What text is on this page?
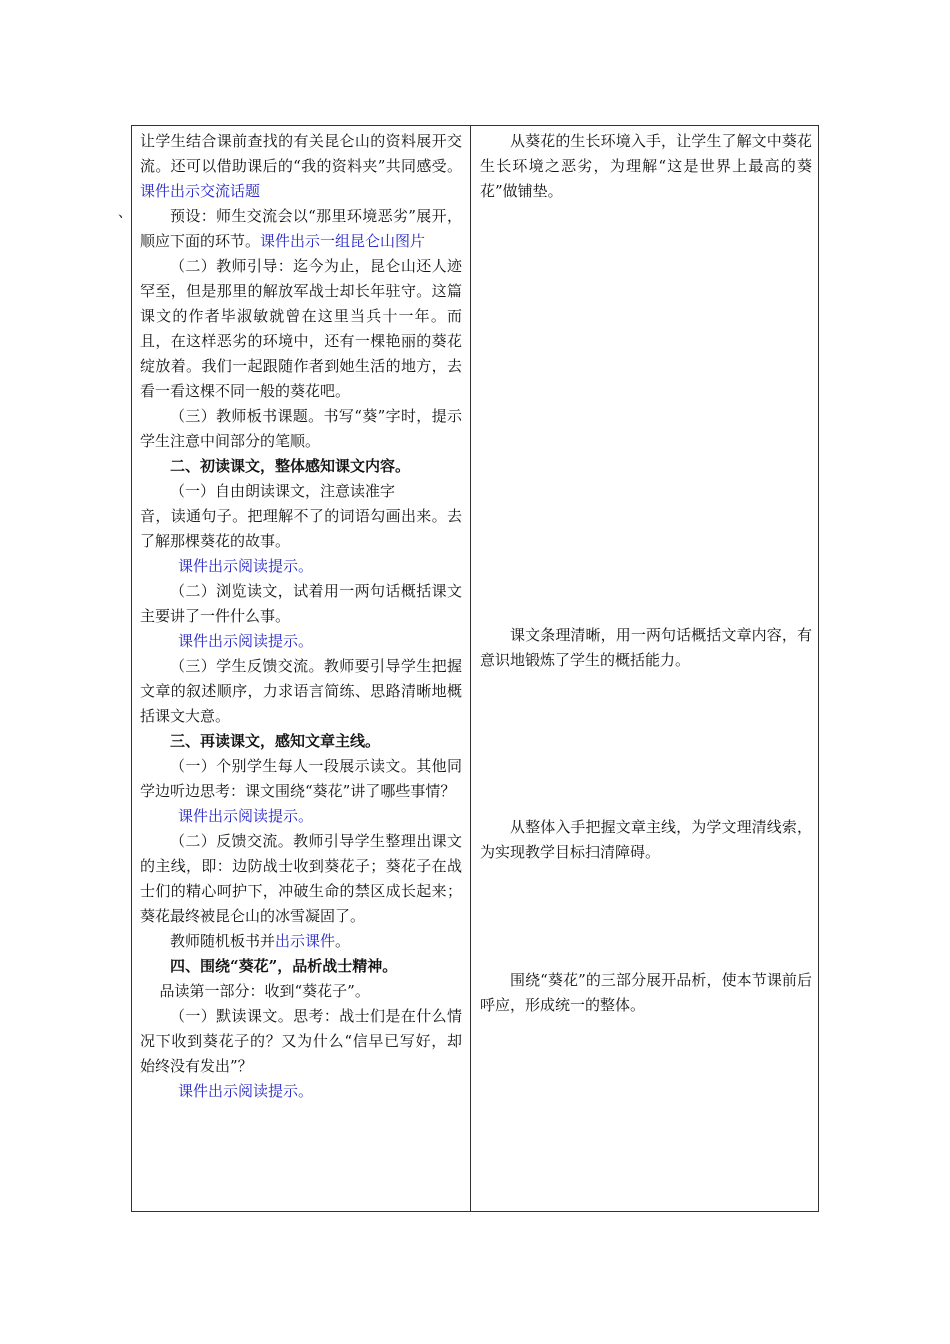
、

让学生结合课前查找的有关昆仑山的资料展开交流。还可以借助课后的“我的资料夹”共同感受。课件出示交流话题

预设：师生交流会以“那里环境恶劣”展开，顺应下面的环节。课件出示一组昆仑山图片

（二）教师引导：迄今为止，昆仑山还人迹罕至，但是那里的解放军战士却长年驻守。这篇课文的作者毕淑敏就曾在这里当兵十一年。而且，在这样恶劣的环境中，还有一棵艳丽的葵花绽放着。我们一起跟随作者到她生活的地方，去看一看这棵不同一般的葵花吧。

（三）教师板书课题。书写“葵”字时，提示学生注意中间部分的笔顺。

二、初读课文，整体感知课文内容。

（一）自由朗读课文，注意读准字

音，读通句子。把理解不了的词语勾画出来。去了解那棵葵花的故事。

课件出示阅读提示。

（二）浏览读文，试着用一两句话概括课文主要讲了一件什么事。

课件出示阅读提示。

（三）学生反馈交流。教师要引导学生把握文章的叙述顺序，力求语言简练、思路清晰地概括课文大意。

三、再读课文，感知文章主线。

（一）个别学生每人一段展示读文。其他同学边听边思考：课文围绕“葵花”讲了哪些事情？

课件出示阅读提示。

（二）反馈交流。教师引导学生整理出课文的主线，即：边防战士收到葵花子；葵花子在战士们的精心呵护下，冲破生命的禁区成长起来；葵花最终被昆仑山的冰雪凝固了。

教师随机板书并出示课件。

四、围绕“葵花”，品析战士精神。

品读第一部分：收到“葵花子”。

（一）默读课文。思考：战士们是在什么情况下收到葵花子的？又为什么“信早已写好，却始终没有发出”？

课件出示阅读提示。

从葵花的生长环境入手，让学生了解文中葵花生长环境之恶劣，为理解“这是世界上最高的葵花”做铺垫。

课文条理清晰，用一两句话概括文章内容，有意识地锻炼了学生的概括能力。

从整体入手把握文章主线，为学文理清线索，为实现教学目标扫清障碍。

围绕“葵花”的三部分展开品析，使本节课前后呼应，形成统一的整体。
